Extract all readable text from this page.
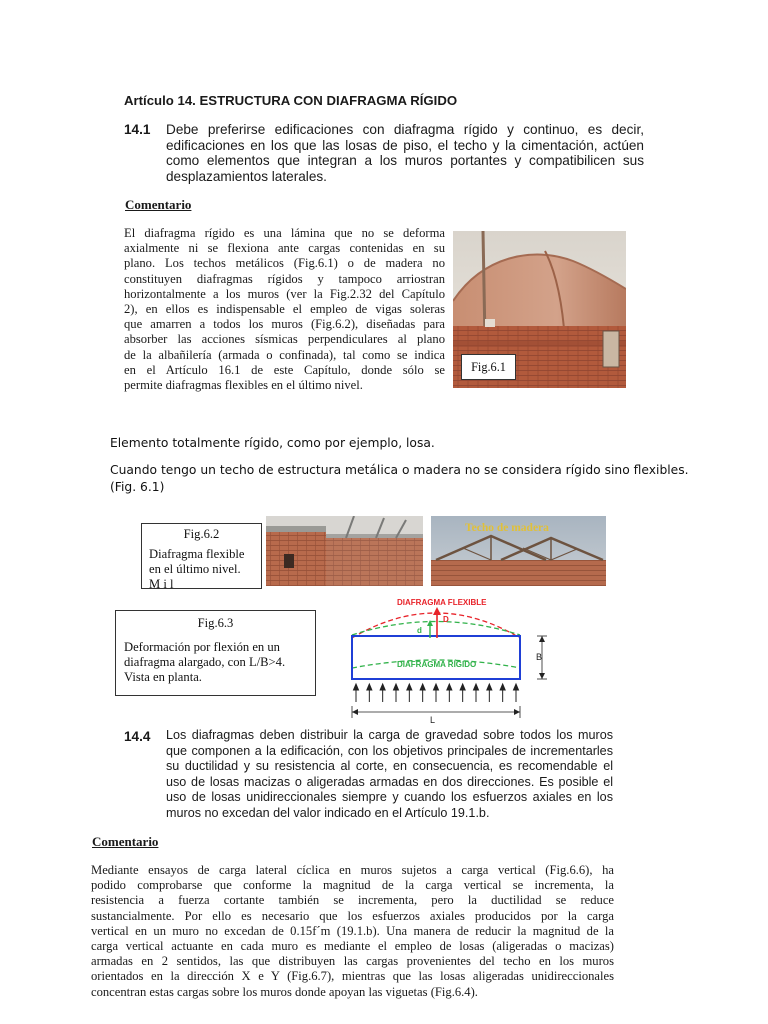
Artículo 14. ESTRUCTURA CON DIAFRAGMA RÍGIDO
14.1 Debe preferirse edificaciones con diafragma rígido y continuo, es decir,
edificaciones en los que las losas de piso, el techo y la cimentación, actúen
como elementos que integran a los muros portantes y compatibilicen sus
desplazamientos laterales.
Comentario
El diafragma rígido es una lámina que no se deforma
axialmente ni se flexiona ante cargas contenidas en su
plano. Los techos metálicos (Fig.6.1) o de madera no
constituyen diafragmas rígidos y tampoco arriostran
horizontalmente a los muros (ver la Fig.2.32 del Capítulo
2), en ellos es indispensable el empleo de vigas soleras
que amarren a todos los muros (Fig.6.2), diseñadas para
absorber las acciones sísmicas perpendiculares al plano
de la albañilería (armada o confinada), tal como se indica
en el Artículo 16.1 de este Capítulo, donde sólo se
permite diafragmas flexibles en el último nivel.
Fig.6.1
Elemento totalmente rígido, como por ejemplo, losa.
Cuando tengo un techo de estructura metálica o madera no se considera rígido sino flexibles.
(Fig. 6.1)
Fig.6.2
Diafragma flexible
en el último nivel.
M i l
Techo de madera
Fig.6.3
Deformación por flexión en un
diafragma alargado, con L/B>4.
Vista en planta.
DIAFRAGMA FLEXIBLE
DIAFRAGMA RÍGIDO
D
d
B
L
14.4 Los diafragmas deben distribuir la carga de gravedad sobre todos los muros
que componen a la edificación, con los objetivos principales de incrementarles
su ductilidad y su resistencia al corte, en consecuencia, es recomendable el
uso de losas macizas o aligeradas armadas en dos direcciones. Es posible el
uso de losas unidireccionales siempre y cuando los esfuerzos axiales en los
muros no excedan del valor indicado en el Artículo 19.1.b.
Comentario
Mediante ensayos de carga lateral cíclica en muros sujetos a carga vertical (Fig.6.6), ha
podido comprobarse que conforme la magnitud de la carga vertical se incrementa, la
resistencia a fuerza cortante también se incrementa, pero la ductilidad se reduce
sustancialmente. Por ello es necesario que los esfuerzos axiales producidos por la carga
vertical en un muro no excedan de 0.15f´m (19.1.b). Una manera de reducir la magnitud de la
carga vertical actuante en cada muro es mediante el empleo de losas (aligeradas o macizas)
armadas en 2 sentidos, las que distribuyen las cargas provenientes del techo en los muros
orientados en la dirección X e Y (Fig.6.7), mientras que las losas aligeradas unidireccionales
concentran estas cargas sobre los muros donde apoyan las viguetas (Fig.6.4).
